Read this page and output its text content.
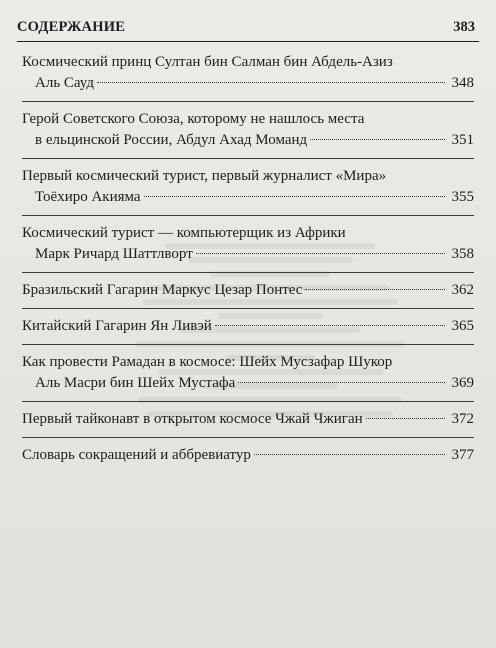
СОДЕРЖАНИЕ	383
Космический принц Султан бин Салман бин Абдель-Азиз
Аль Сауд	348
Герой Советского Союза, которому не нашлось места
в ельцинской России, Абдул Ахад Моманд	351
Первый космический турист, первый журналист «Мира»
Тоёхиро Акияма	355
Космический турист — компьютерщик из Африки
Марк Ричард Шаттлворт	358
Бразильский Гагарин Маркус Цезар Понтес	362
Китайский Гагарин Ян Ливэй	365
Как провести Рамадан в космосе: Шейх Мусзафар Шукор
Аль Масри бин Шейх Мустафа	369
Первый тайконавт в открытом космосе Чжай Чжиган	372
Словарь сокращений и аббревиатур	377
